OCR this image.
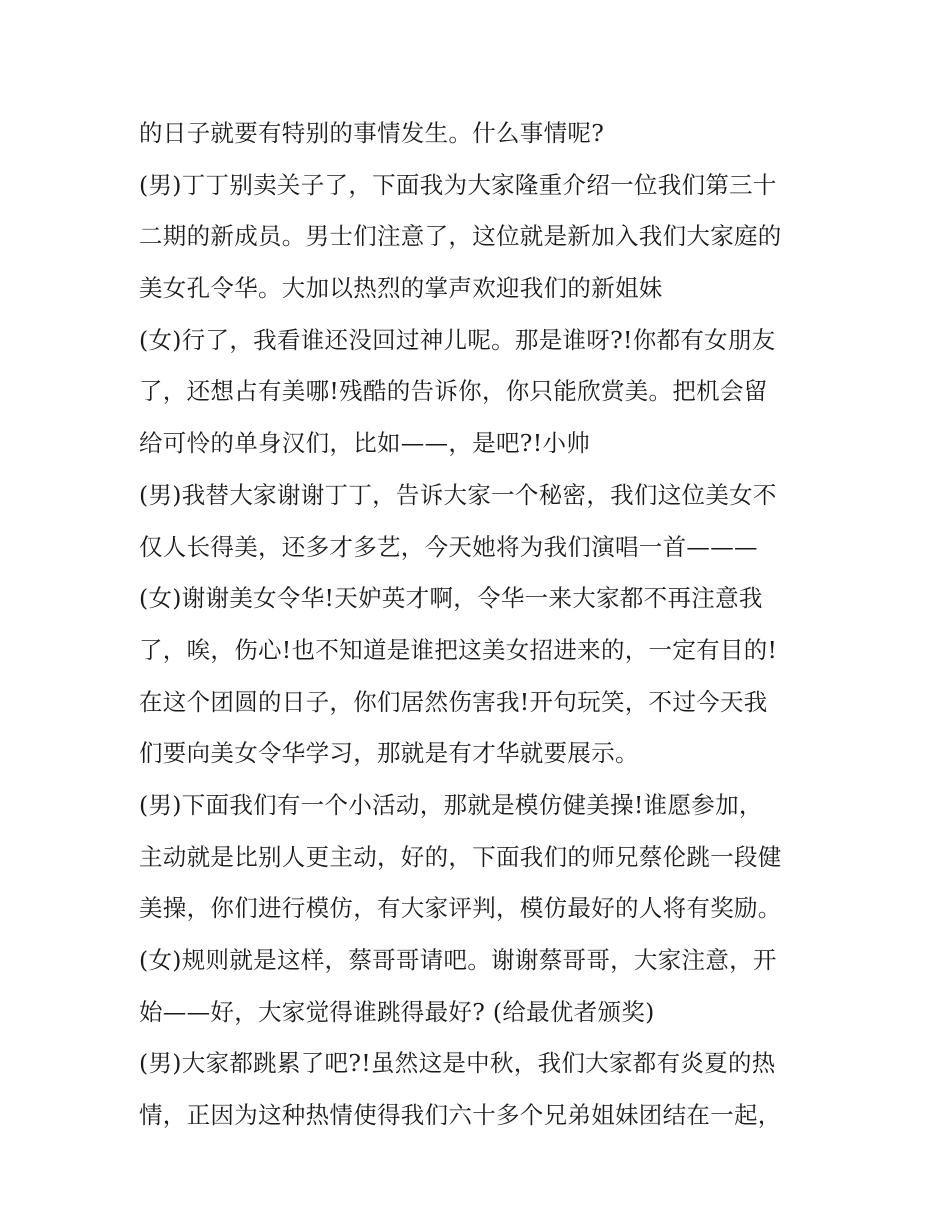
的日子就要有特别的事情发生。什么事情呢?
(男)丁丁别卖关子了，下面我为大家隆重介绍一位我们第三十
二期的新成员。男士们注意了，这位就是新加入我们大家庭的
美女孔令华。大加以热烈的掌声欢迎我们的新姐妹
(女)行了，我看谁还没回过神儿呢。那是谁呀?!你都有女朋友
了，还想占有美哪!残酷的告诉你，你只能欣赏美。把机会留
给可怜的单身汉们，比如——，是吧?!小帅
(男)我替大家谢谢丁丁，告诉大家一个秘密，我们这位美女不
仅人长得美，还多才多艺，今天她将为我们演唱一首———
(女)谢谢美女令华!天妒英才啊，令华一来大家都不再注意我
了，唉，伤心!也不知道是谁把这美女招进来的，一定有目的!
在这个团圆的日子，你们居然伤害我!开句玩笑，不过今天我
们要向美女令华学习，那就是有才华就要展示。
(男)下面我们有一个小活动，那就是模仿健美操!谁愿参加，
主动就是比别人更主动，好的，下面我们的师兄蔡伦跳一段健
美操，你们进行模仿，有大家评判，模仿最好的人将有奖励。
(女)规则就是这样，蔡哥哥请吧。谢谢蔡哥哥，大家注意，开
始——好，大家觉得谁跳得最好? (给最优者颁奖)
(男)大家都跳累了吧?!虽然这是中秋，我们大家都有炎夏的热
情，正因为这种热情使得我们六十多个兄弟姐妹团结在一起，
